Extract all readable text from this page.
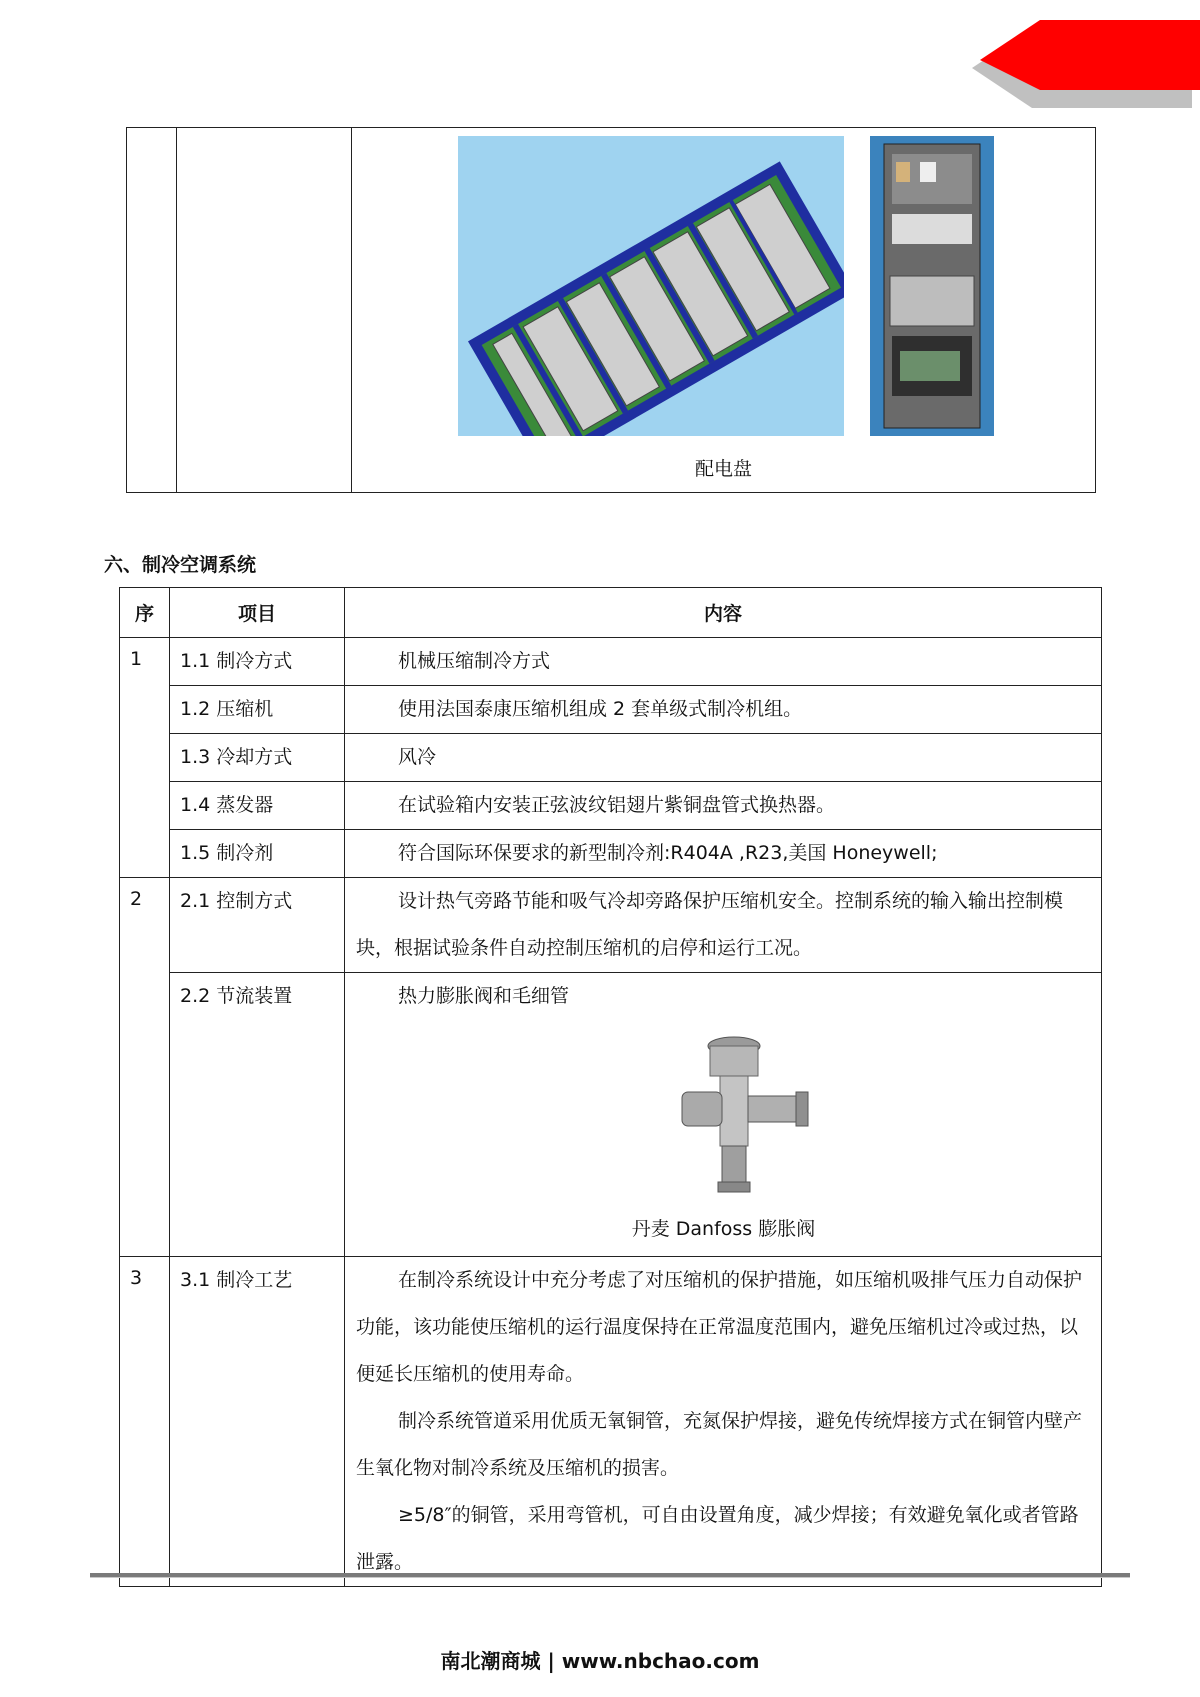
配电盘
六、制冷空调系统
序	项目	内容
1	1.1 制冷方式	机械压缩制冷方式

	1.2 压缩机	使用法国泰康压缩机组成 2 套单级式制冷机组。

	1.3 冷却方式	风冷

	1.4 蒸发器	在试验箱内安装正弦波纹铝翅片紫铜盘管式换热器。

	1.5 制冷剂	符合国际环保要求的新型制冷剂:R404A ,R23,美国 Honeywell;

2	2.1 控制方式	设计热气旁路节能和吸气冷却旁路保护压缩机安全。控制系统的输入输出控制模块，根据试验条件自动控制压缩机的启停和运行工况。

	2.2 节流装置	热力膨胀阀和毛细管

丹麦 Danfoss 膨胀阀

3	3.1 制冷工艺	在制冷系统设计中充分考虑了对压缩机的保护措施，如压缩机吸排气压力自动保护功能，该功能使压缩机的运行温度保持在正常温度范围内，避免压缩机过冷或过热，以便延长压缩机的使用寿命。

制冷系统管道采用优质无氧铜管，充氮保护焊接，避免传统焊接方式在铜管内壁产生氧化物对制冷系统及压缩机的损害。

≥5/8″的铜管，采用弯管机，可自由设置角度，减少焊接；有效避免氧化或者管路泄露。

南北潮商城 | www.nbchao.com
